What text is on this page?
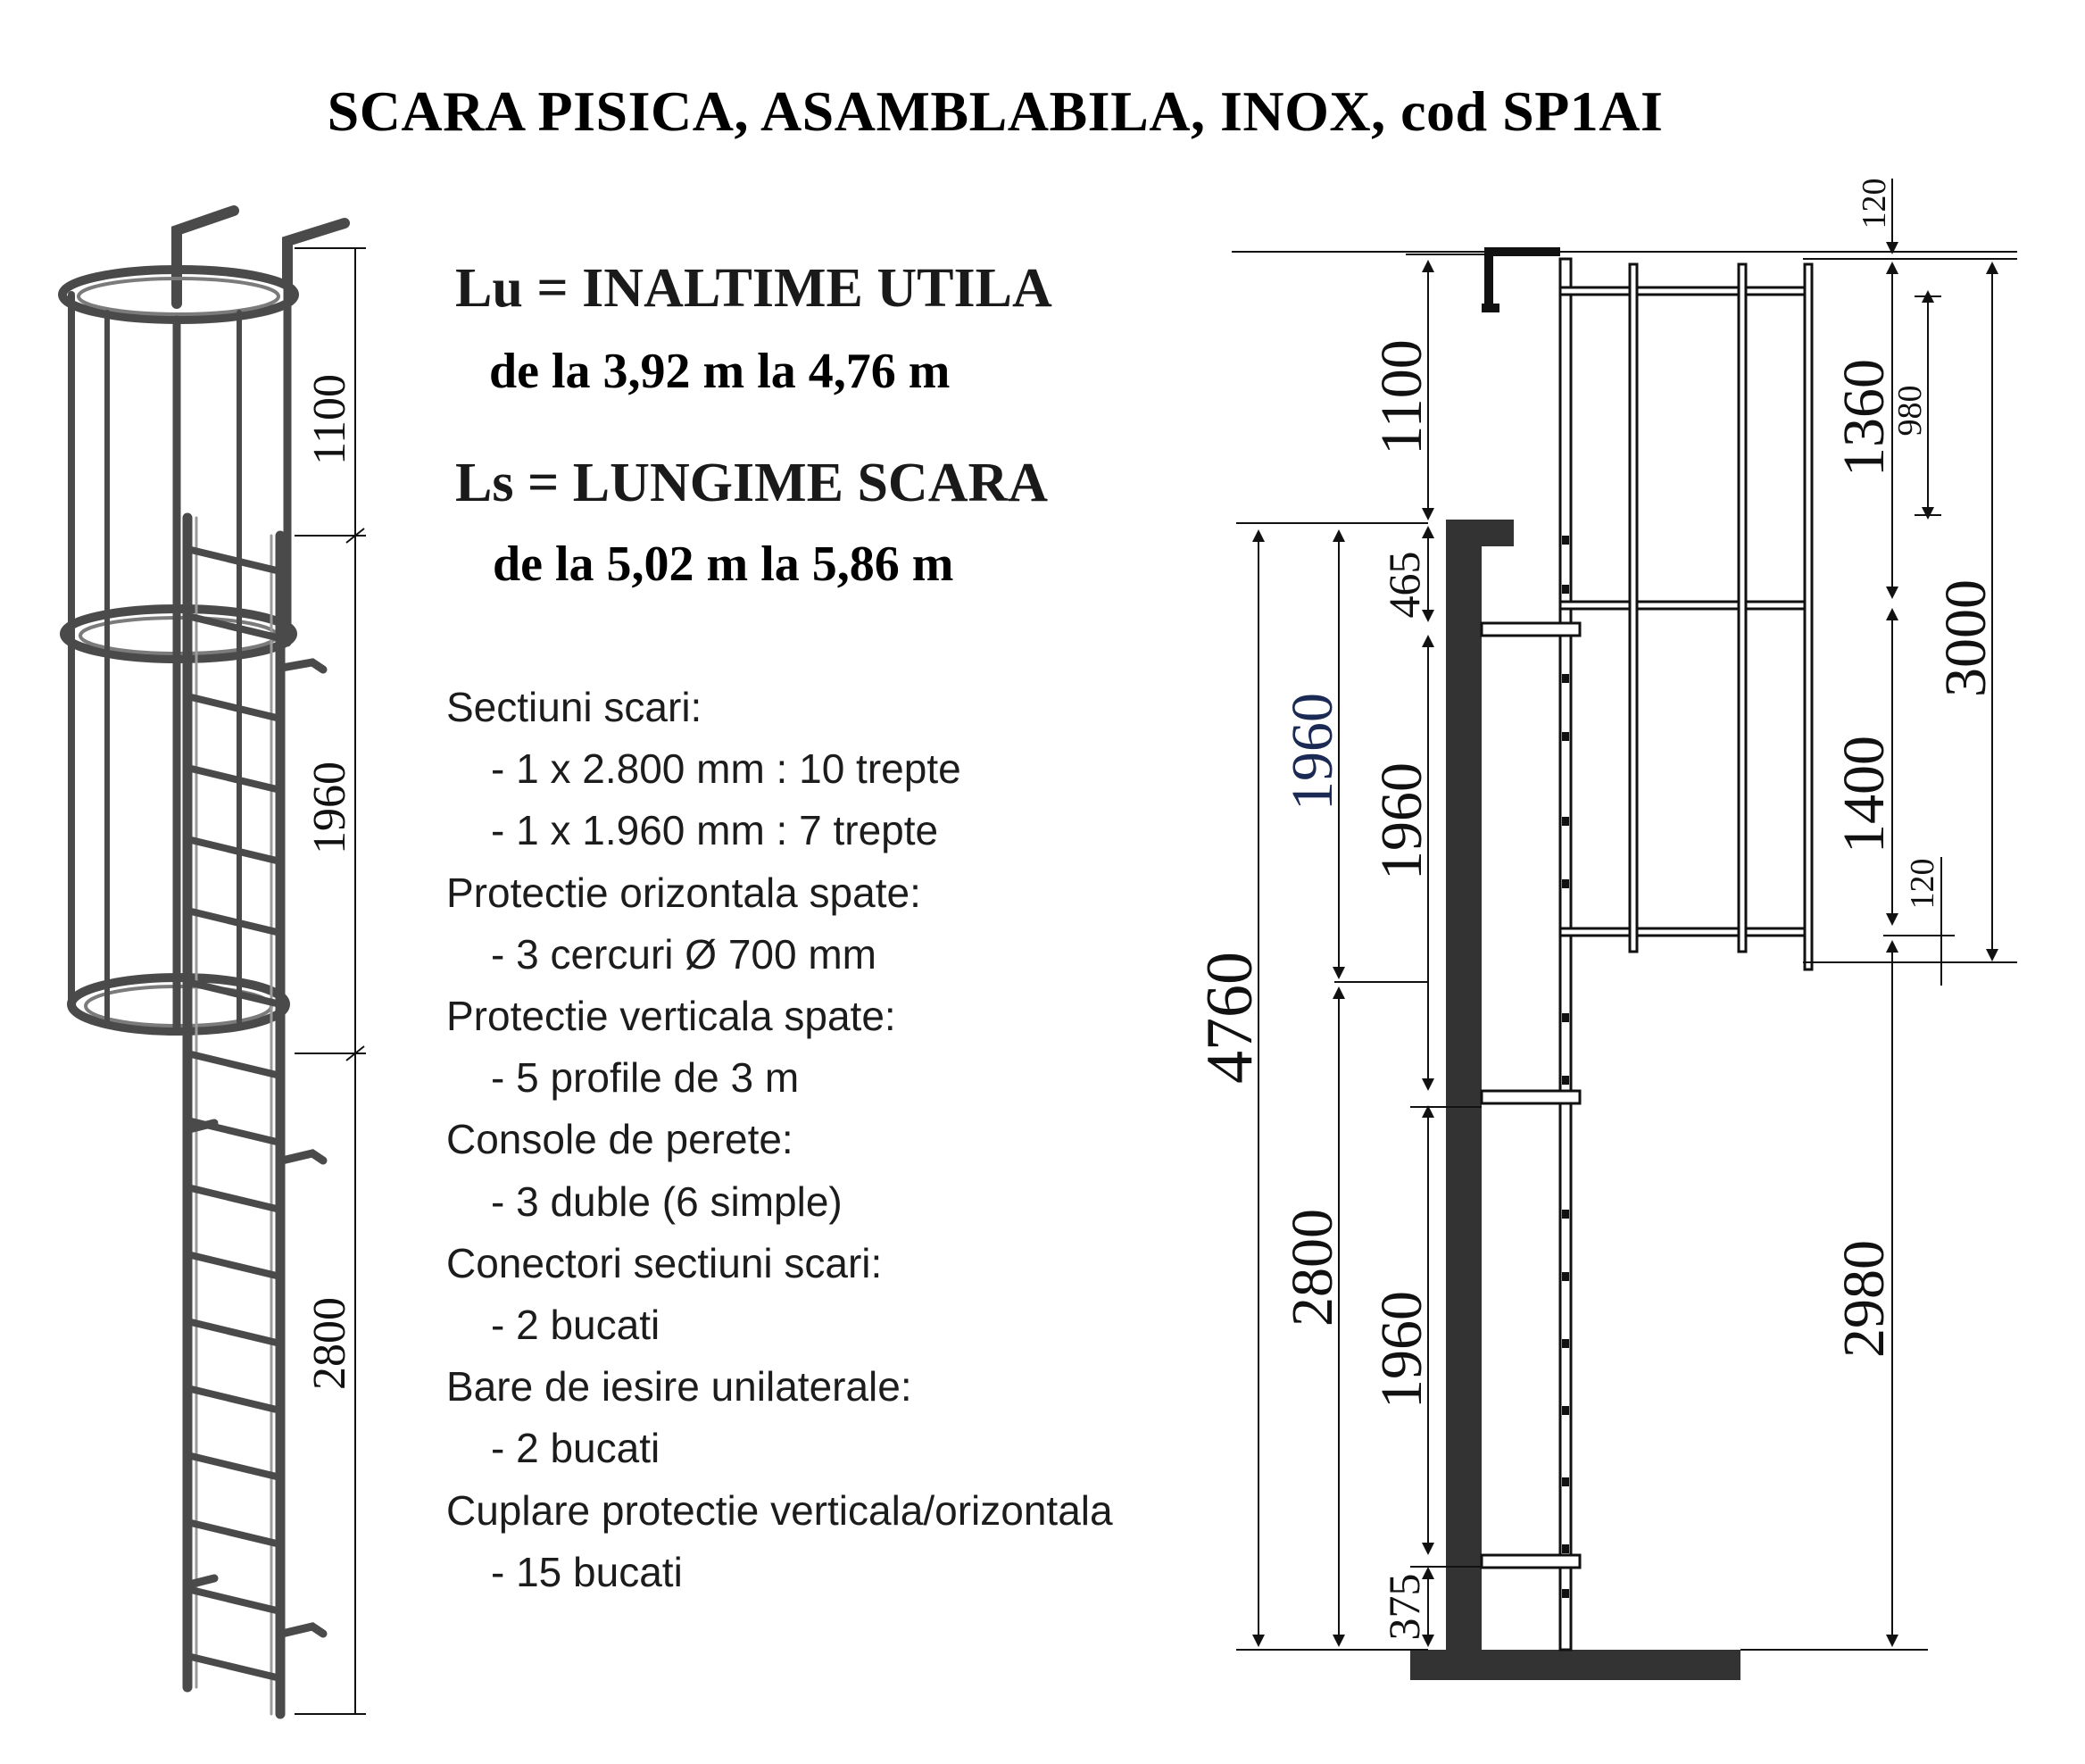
SCARA PISICA, ASAMBLABILA, INOX, cod SP1AI
Lu = INALTIME UTILA
de la 3,92 m la 4,76 m
Ls = LUNGIME SCARA
de la 5,02 m la 5,86 m
Sectiuni scari:
- 1 x 2.800 mm : 10 trepte
- 1 x 1.960 mm : 7 trepte
Protectie orizontala spate:
- 3 cercuri Ø 700 mm
Protectie verticala spate:
- 5 profile de 3 m
Console de perete:
- 3 duble (6 simple)
Conectori sectiuni scari:
- 2 bucati
Bare de iesire unilaterale:
- 2 bucati
Cuplare protectie verticala/orizontala
- 15 bucati
1100
1960
2800
4760
1960
2800
1100
465
1960
1960
375
120
1360
980
3000
1400
120
2980
